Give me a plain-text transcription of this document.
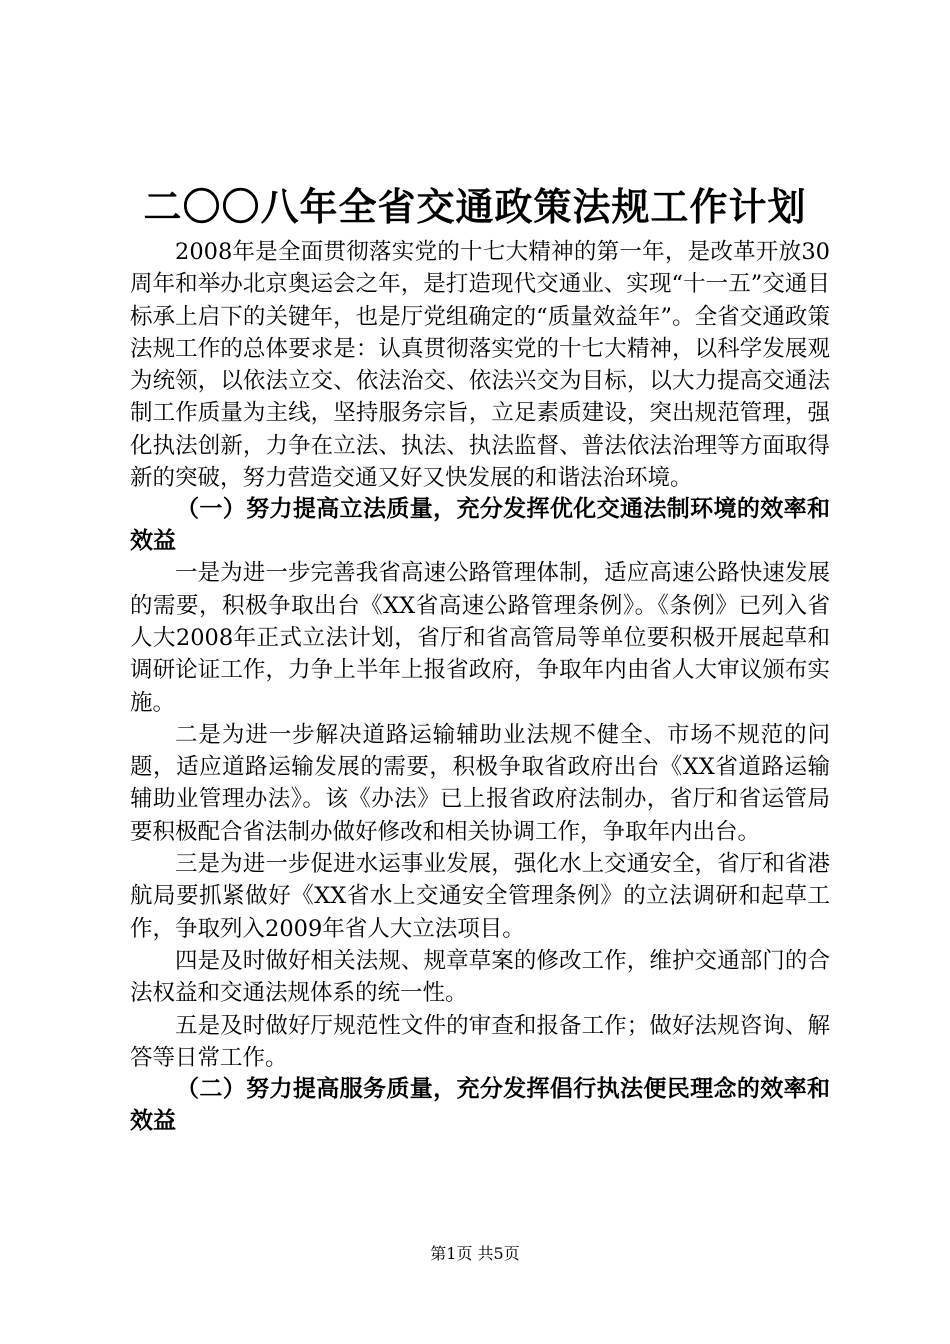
二〇〇八年全省交通政策法规工作计划

2008年是全面贯彻落实党的十七大精神的第一年，是改革开放30周年和举办北京奥运会之年，是打造现代交通业、实现“十一五”交通目标承上启下的关键年，也是厅党组确定的“质量效益年”。全省交通政策法规工作的总体要求是：认真贯彻落实党的十七大精神，以科学发展观为统领，以依法立交、依法治交、依法兴交为目标，以大力提高交通法制工作质量为主线，坚持服务宗旨，立足素质建设，突出规范管理，强化执法创新，力争在立法、执法、执法监督、普法依法治理等方面取得新的突破，努力营造交通又好又快发展的和谐法治环境。

（一）努力提高立法质量，充分发挥优化交通法制环境的效率和效益

一是为进一步完善我省高速公路管理体制，适应高速公路快速发展的需要，积极争取出台《XX省高速公路管理条例》。《条例》已列入省人大2008年正式立法计划，省厅和省高管局等单位要积极开展起草和调研论证工作，力争上半年上报省政府，争取年内由省人大审议颁布实施。

二是为进一步解决道路运输辅助业法规不健全、市场不规范的问题，适应道路运输发展的需要，积极争取省政府出台《XX省道路运输辅助业管理办法》。该《办法》已上报省政府法制办，省厅和省运管局要积极配合省法制办做好修改和相关协调工作，争取年内出台。

三是为进一步促进水运事业发展，强化水上交通安全，省厅和省港航局要抓紧做好《XX省水上交通安全管理条例》的立法调研和起草工作，争取列入2009年省人大立法项目。

四是及时做好相关法规、规章草案的修改工作，维护交通部门的合法权益和交通法规体系的统一性。

五是及时做好厅规范性文件的审查和报备工作；做好法规咨询、解答等日常工作。

（二）努力提高服务质量，充分发挥倡行执法便民理念的效率和效益

第1页 共5页
